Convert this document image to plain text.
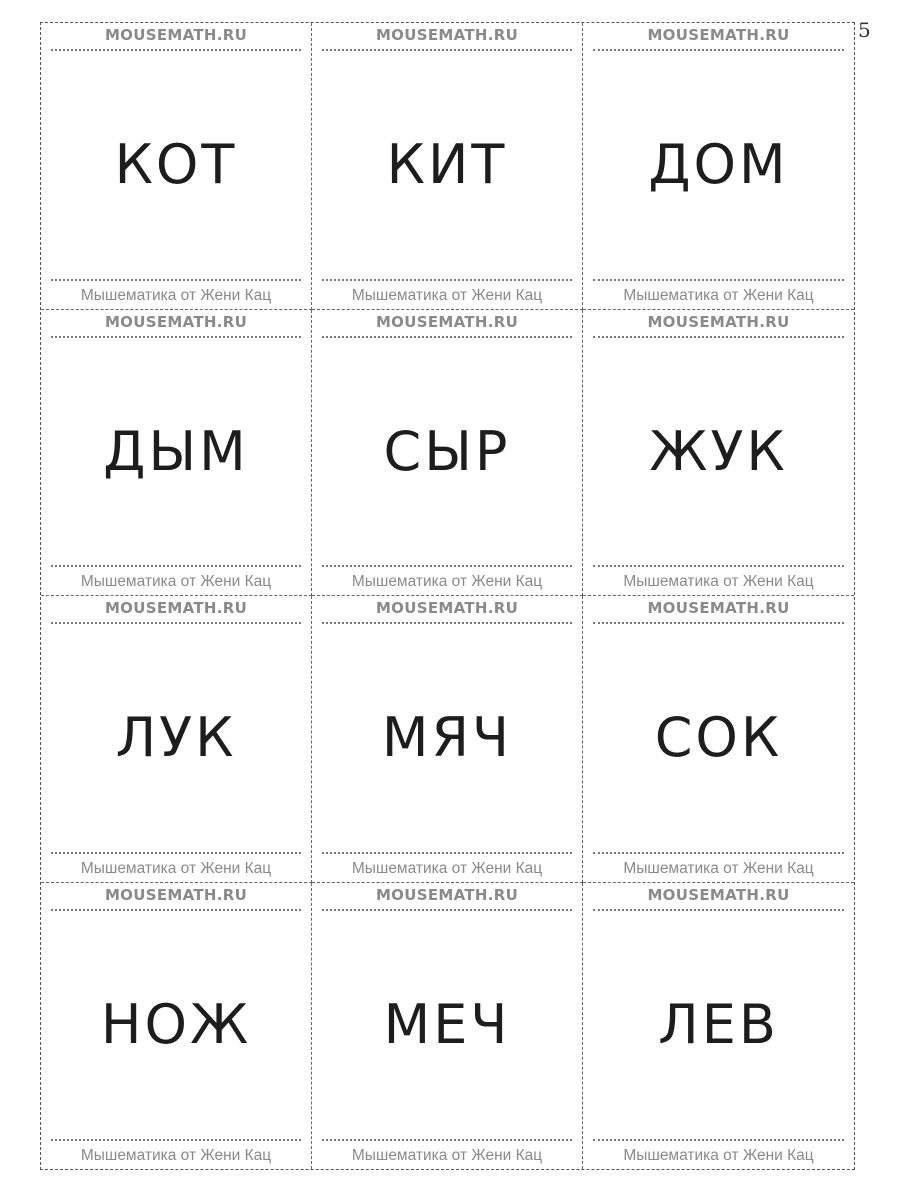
5
MOUSEMATH.RU
КОТ
Мышематика от Жени Кац
MOUSEMATH.RU
КИТ
Мышематика от Жени Кац
MOUSEMATH.RU
ДОМ
Мышематика от Жени Кац
MOUSEMATH.RU
ДЫМ
Мышематика от Жени Кац
MOUSEMATH.RU
СЫР
Мышематика от Жени Кац
MOUSEMATH.RU
ЖУК
Мышематика от Жени Кац
MOUSEMATH.RU
ЛУК
Мышематика от Жени Кац
MOUSEMATH.RU
МЯЧ
Мышематика от Жени Кац
MOUSEMATH.RU
СОК
Мышематика от Жени Кац
MOUSEMATH.RU
НОЖ
Мышематика от Жени Кац
MOUSEMATH.RU
МЕЧ
Мышематика от Жени Кац
MOUSEMATH.RU
ЛЕВ
Мышематика от Жени Кац
